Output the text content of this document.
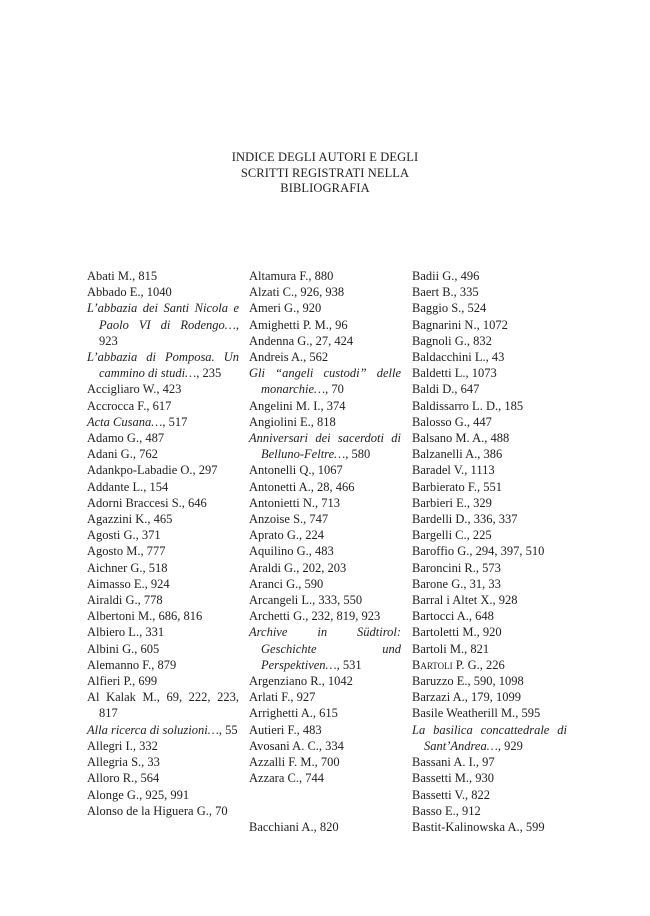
INDICE DEGLI AUTORI E DEGLI
SCRITTI REGISTRATI NELLA
BIBLIOGRAFIA
Abati M., 815
Abbado E., 1040
L’abbazia dei Santi Nicola e Paolo VI di Rodengo…, 923
L’abbazia di Pomposa. Un cammino di studi…, 235
Accigliaro W., 423
Accrocca F., 617
Acta Cusana…, 517
Adamo G., 487
Adani G., 762
Adankpo-Labadie O., 297
Addante L., 154
Adorni Braccesi S., 646
Agazzini K., 465
Agosti G., 371
Agosto M., 777
Aichner G., 518
Aimasso E., 924
Airaldi G., 778
Albertoni M., 686, 816
Albiero L., 331
Albini G., 605
Alemanno F., 879
Alfieri P., 699
Al Kalak M., 69, 222, 223, 817
Alla ricerca di soluzioni…, 55
Allegri I., 332
Allegria S., 33
Alloro R., 564
Alonge G., 925, 991
Alonso de la Higuera G., 70
Altamura F., 880
Alzati C., 926, 938
Ameri G., 920
Amighetti P. M., 96
Andenna G., 27, 424
Andreis A., 562
Gli “angeli custodi” delle monarchie…, 70
Angelini M. I., 374
Angiolini E., 818
Anniversari dei sacerdoti di Belluno-Feltre…, 580
Antonelli Q., 1067
Antonetti A., 28, 466
Antonietti N., 713
Anzoise S., 747
Aprato G., 224
Aquilino G., 483
Araldi G., 202, 203
Aranci G., 590
Arcangeli L., 333, 550
Archetti G., 232, 819, 923
Archive in Südtirol: Geschichte und Perspektiven…, 531
Argenziano R., 1042
Arlati F., 927
Arrighetti A., 615
Autieri F., 483
Avosani A. C., 334
Azzalli F. M., 700
Azzara C., 744
Bacchiani A., 820
Badii G., 496
Baert B., 335
Baggio S., 524
Bagnarini N., 1072
Bagnoli G., 832
Baldacchini L., 43
Baldetti L., 1073
Baldi D., 647
Baldissarro L. D., 185
Balosso G., 447
Balsano M. A., 488
Balzanelli A., 386
Baradel V., 1113
Barbierato F., 551
Barbieri E., 329
Bardelli D., 336, 337
Bargelli C., 225
Baroffio G., 294, 397, 510
Baroncini R., 573
Barone G., 31, 33
Barral i Altet X., 928
Bartocci A., 648
Bartoletti M., 920
Bartoli M., 821
Bartoli P. G., 226
Baruzzo E., 590, 1098
Barzazi A., 179, 1099
Basile Weatherill M., 595
La basilica concattedrale di Sant’Andrea…, 929
Bassani A. I., 97
Bassetti M., 930
Bassetti V., 822
Basso E., 912
Bastit-Kalinowska A., 599
